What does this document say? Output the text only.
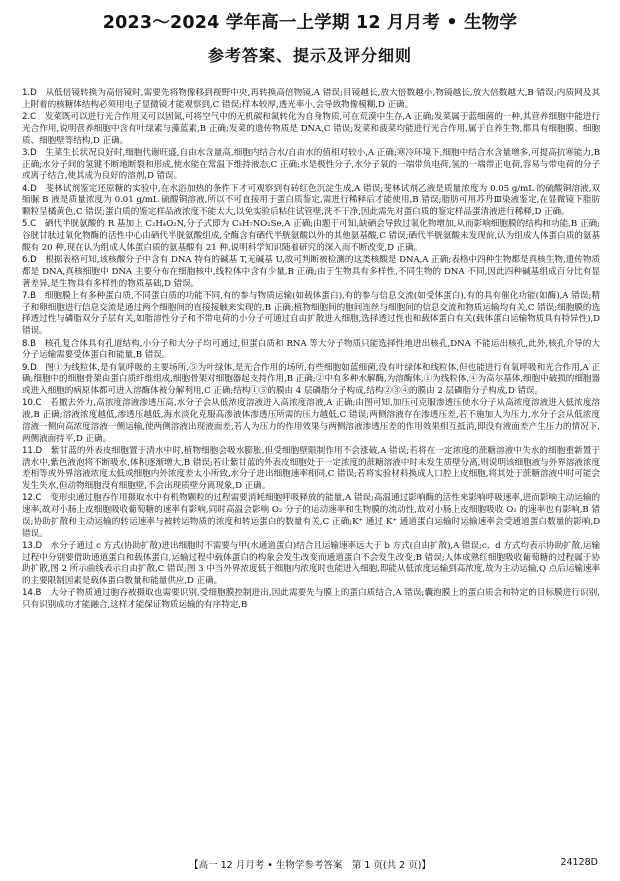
2023～2024 学年高一上学期 12 月月考 • 生物学
参考答案、提示及评分细则

1.D　 从低倍镜转换为高倍镜时,需要先将物像移到视野中央,再转换高倍物镜,A 错误;目镜越长,放大倍数越小,物镜越长,放大倍数越大,B 错误;内质网及其上附着的核糖体结构必须用电子显微镜才能观察到,C 错误;样本较厚,透光率小,会导致物像模糊,D 正确。

2.C　 发菜既可以进行光合作用又可以固氮,可将空气中的无机碳和氮转化为自身物质,可在荒漠中生存,A 正确;发菜属于蓝细菌的一种,其营养细胞中能进行光合作用,说明营养细胞中含有叶绿素与藻蓝素,B 正确;发菜的遗传物质是 DNA,C 错误;发菜和菠菜均能进行光合作用,属于自养生物,都具有细胞膜、细胞质、细胞壁等结构,D 正确。

3.D　 生菜生长状况良好时,细胞代谢旺盛,自由水含量高,细胞内结合水/自由水的值相对较小,A 正确;寒冷环境下,细胞中结合水含量增多,可提高抗寒能力,B 正确;水分子间的氢键不断地断裂和形成,使水能在常温下维持液态,C 正确;水是极性分子,水分子氧的一端带负电荷,氢的一端带正电荷,容易与带电荷的分子或离子结合,使其成为良好的溶剂,D 错误。

4.D　 斐林试剂鉴定还原糖的实验中,在水浴加热的条件下才可观察到有砖红色沉淀生成,A 错误;斐林试剂乙液是质量浓度为 0.05 g/mL 的硫酸铜溶液,双缩脲 B 液是质量浓度为 0.01 g/mL 硫酸铜溶液,所以不可直接用于蛋白质鉴定,需进行稀释后才能使用,B 错误;脂肪可用苏丹Ⅲ染液鉴定,在显微镜下脂肪颗粒呈橘黄色,C 错误;蛋白质的鉴定样品液浓度不能太大,以免实验后粘住试管壁,洗不干净,因此需先对蛋白质的鉴定样品蛋清液进行稀释,D 正确。

5.C　 硒代半胱氨酸的 R 基加上 C₂H₄O₂N,分子式即为 C₃H₇NO₂Se,A 正确;由题干可知,缺硒会导致过氧化物增加,从而影响细胞膜的结构和功能,B 正确;谷胱甘肽过氧化物酶的活性中心由硒代半胱氨酸组成,全酶含有硒代半胱氨酸以外的其他氨基酸,C 错误;硒代半胱氨酸未发现前,认为组成人体蛋白质的氨基酸有 20 种,现在认为组成人体蛋白质的氨基酸有 21 种,说明科学知识随着研究的深入而不断改变,D 正确。

6.D　 根据表格可知,该核酸分子中含有 DNA 特有的碱基 T,无碱基 U,故可判断被检测的这类核酸是 DNA,A 正确;表格中四种生物都是真核生物,遗传物质都是 DNA,真核细胞中 DNA 主要分布在细胞核中,线粒体中含有少量,B 正确;由于生物具有多样性,不同生物的 DNA 不同,因此四种碱基组成百分比有显著差异,是生物具有多样性的物质基础,D 错误。

7.B　 细胞膜上有多种蛋白质,不同蛋白质的功能不同,有的参与物质运输(如载体蛋白),有的参与信息交流(如受体蛋白),有的具有催化功能(如酶),A 错误;精子和卵细胞进行信息交流是通过两个细胞间的直接接触来实现的,B 正确;植物细胞间的胞间连丝与细胞间的信息交流和物质运输均有关,C 错误;细胞膜的选择透过性与磷脂双分子层有关,如脂溶性分子和不带电荷的小分子可通过自由扩散进入细胞,选择透过性也和载体蛋白有关(载体蛋白运输物质具有特异性),D 错误。

8.B　 核孔复合体具有孔道结构,小分子和大分子均可通过,但蛋白质和 RNA 等大分子物质只能选择性地进出核孔,DNA 不能运出核孔,此外,核孔介导的大分子运输需要受体蛋白和能量,B 错误。

9.D　 图①为线粒体,是有氧呼吸的主要场所,⑤为叶绿体,是光合作用的场所,有些细胞如蓝细菌,没有叶绿体和线粒体,但也能进行有氧呼吸和光合作用,A 正确;细胞中的细胞骨架由蛋白质纤维组成,细胞骨架对细胞器起支持作用,B 正确;②中有多种水解酶,为溶酶体,①为线粒体,④为高尔基体,细胞中破损的细胞器或进入细胞的病原体都可进入溶酶体被分解利用,C 正确;结构①⑤的膜由 4 层磷脂分子构成,结构②③④的膜由 2 层磷脂分子构成,D 错误。

10.C　 若撤去外力,高浓度溶液渗透压高,水分子会从低浓度溶液进入高浓度溶液,A 正确;由图可知,加压可克服渗透压使水分子从高浓度溶液进入低浓度溶液,B 正确;溶液浓度越低,渗透压越低,海水淡化克服高渗液体渗透压所需的压力越低,C 错误;两侧溶液存在渗透压差,若不施加人为压力,水分子会从低浓度溶液一侧向高浓度溶液一侧运输,使两侧溶液出现液面差,若人为压力的作用效果与两侧溶液渗透压差的作用效果相互抵消,即没有液面差产生压力的情况下,两侧液面持平,D 正确。

11.D　 紫甘蓝的外表皮细胞置于清水中时,植物细胞会吸水膨胀,但受细胞壁限制作用不会涨破,A 错误;若将在一定浓度的蔗糖溶液中失水的细胞重新置于清水中,紫色液泡将不断吸水,体积逐渐增大,B 错误;若让紫甘蓝的外表皮细胞处于一定浓度的蔗糖溶液中时未发生质壁分离,则说明该细胞液与外界溶液浓度差相等或外界溶液浓度太低或细胞内外浓度差太小所致,水分子进出细胞速率相同,C 错误;若将实验材料换成人口腔上皮细胞,将其处于蔗糖溶液中时可能会发生失水,但动物细胞没有细胞壁,不会出现质壁分离现象,D 正确。

12.C　 变形虫通过胞吞作用摄取水中有机物颗粒的过程需要消耗细胞呼吸释放的能量,A 错误;高温通过影响酶的活性来影响呼吸速率,进而影响主动运输的速率,故对小肠上皮细胞吸收葡萄糖的速率有影响,同时高温会影响 O₂ 分子的运动速率和生物膜的流动性,故对小肠上皮细胞吸收 O₂ 的速率也有影响,B 错误;协助扩散和主动运输的转运速率与被转运物质的浓度和转运蛋白的数量有关,C 正确;K⁺ 通过 K⁺ 通道蛋白运输时运输速率会受通道蛋白数量的影响,D 错误。

13.D　 水分子通过 c 方式(协助扩散)进出细胞时不需要与甲(水通道蛋白)结合且运输速率远大于 b 方式(自由扩散),A 错误;c、d 方式均表示协助扩散,运输过程中分别要借助通道蛋白和载体蛋白,运输过程中载体蛋白的构象会发生改变而通道蛋白不会发生改变,B 错误;人体成熟红细胞吸收葡萄糖的过程属于协助扩散,图 2 所示曲线表示自由扩散,C 错误;图 3 中当外界浓度低于细胞内浓度时也能进入细胞,即能从低浓度运输到高浓度,故为主动运输,Q 点后运输速率的主要限制因素是载体蛋白数量和能量供应,D 正确。

14.B　 大分子物质通过胞吞被摄取也需要识别,受细胞膜控制进出,因此需要先与膜上的蛋白质结合,A 错误;囊泡膜上的蛋白质会和特定的目标膜进行识别,只有识别成功才能融合,这样才能保证物质运输的有序特定,B

【高一 12 月月考 • 生物学参考答案　第 1 页(共 2 页)】	24128D
